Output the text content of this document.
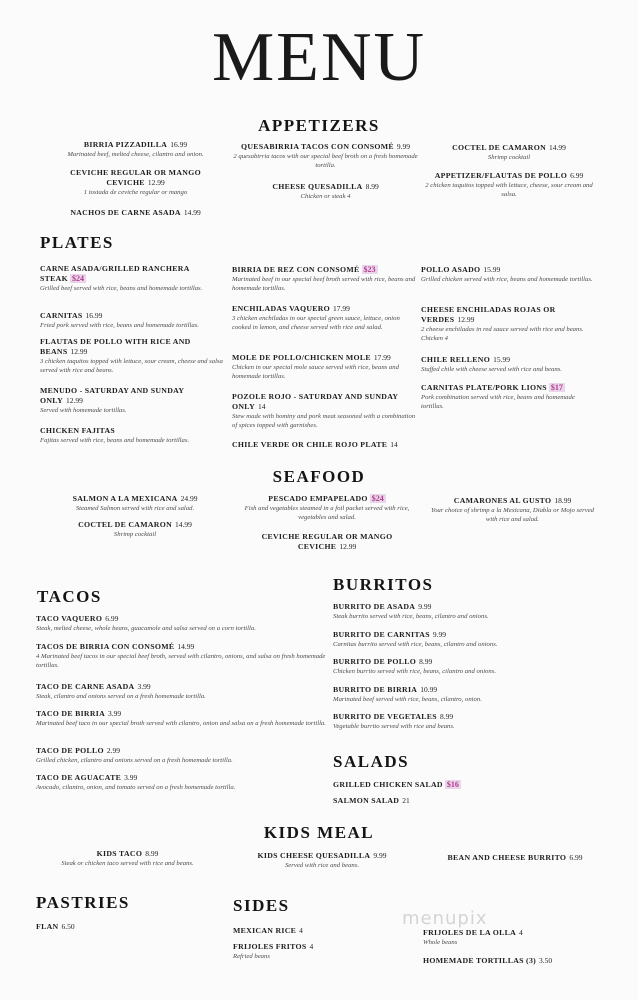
MENU
APPETIZERS
PLATES
SEAFOOD
TACOS
BURRITOS
SALADS
KIDS MEAL
PASTRIES	SIDES
menupix
BIRRIA PIZZADILLA 16.99
Marinated beef, melted cheese, cilantro and onion.
CEVICHE REGULAR OR MANGO CEVICHE 12.99
1 tostada de ceviche regular or mango
NACHOS DE CARNE ASADA 14.99
QUESABIRRIA TACOS CON CONSOMÉ 9.99
2 quesabirria tacos with our special beef broth on a fresh homemade tortilla.
CHEESE QUESADILLA 8.99
Chicken or steak 4
COCTEL DE CAMARON 14.99
Shrimp cocktail
APPETIZER/FLAUTAS DE POLLO 6.99
2 chicken taquitos topped with lettuce, cheese, sour cream and salsa.
CARNE ASADA/GRILLED RANCHERA STEAK $24
Grilled beef served with rice, beans and homemade tortillas.
CARNITAS 16.99
Fried pork served with rice, beans and homemade tortillas.
FLAUTAS DE POLLO WITH RICE AND BEANS 12.99
3 chicken taquitos topped with lettuce, sour cream, cheese and salsa served with rice and beans.
MENUDO - SATURDAY AND SUNDAY ONLY 12.99
Served with homemade tortillas.
CHICKEN FAJITAS
Fajitas served with rice, beans and homemade tortillas.
BIRRIA DE REZ CON CONSOMÉ $23
Marinated beef in our special beef broth served with rice, beans and homemade tortillas.
ENCHILADAS VAQUERO 17.99
3 chicken enchiladas in our special green sauce, lettuce, onion cooked in lemon, and cheese served with rice and salad.
MOLE DE POLLO/CHICKEN MOLE 17.99
Chicken in our special mole sauce served with rice, beans and homemade tortillas.
POZOLE ROJO - SATURDAY AND SUNDAY ONLY 14
Stew made with hominy and pork meat seasoned with a combination of spices topped with garnishes.
CHILE VERDE OR CHILE ROJO PLATE 14
POLLO ASADO 15.99
Grilled chicken served with rice, beans and homemade tortillas.
CHEESE ENCHILADAS ROJAS OR VERDES 12.99
2 cheese enchiladas in red sauce served with rice and beans. Chicken 4
CHILE RELLENO 15.99
Stuffed chile with cheese served with rice and beans.
CARNITAS PLATE/PORK LIONS $17
Pork combination served with rice, beans and homemade tortillas.
SALMON A LA MEXICANA 24.99
Steamed Salmon served with rice and salad.
COCTEL DE CAMARON 14.99
Shrimp cocktail
PESCADO EMPAPELADO $24
Fish and vegetables steamed in a foil packet served with rice, vegetables and salad.
CEVICHE REGULAR OR MANGO CEVICHE 12.99
CAMARONES AL GUSTO 18.99
Your choice of shrimp a la Mexicana, Diabla or Mojo served with rice and salad.
TACO VAQUERO 6.99
Steak, melted cheese, whole beans, guacamole and salsa served on a corn tortilla.
TACOS DE BIRRIA CON CONSOMÉ 14.99
4 Marinated beef tacos in our special beef broth, served with cilantro, onions, and salsa on fresh homemade tortillas.
TACO DE CARNE ASADA 3.99
Steak, cilantro and onions served on a fresh homemade tortilla.
TACO DE BIRRIA 3.99
Marinated beef taco in our special broth served with cilantro, onion and salsa on a fresh homemade tortilla.
TACO DE POLLO 2.99
Grilled chicken, cilantro and onions served on a fresh homemade tortilla.
TACO DE AGUACATE 3.99
Avocado, cilantro, onion, and tomato served on a fresh homemade tortilla.
BURRITO DE ASADA 9.99
Steak burrito served with rice, beans, cilantro and onions.
BURRITO DE CARNITAS 9.99
Carnitas burrito served with rice, beans, cilantro and onions.
BURRITO DE POLLO 8.99
Chicken burrito served with rice, beans, cilantro and onions.
BURRITO DE BIRRIA 10.99
Marinated beef served with rice, beans, cilantro, onion.
BURRITO DE VEGETALES 8.99
Vegetable burrito served with rice and beans.
GRILLED CHICKEN SALAD $16
SALMON SALAD 21
KIDS TACO 8.99
Steak or chicken taco served with rice and beans.
KIDS CHEESE QUESADILLA 9.99
Served with rice and beans.
BEAN AND CHEESE BURRITO 6.99
FLAN 6.50	MEXICAN RICE 4
FRIJOLES FRITOS 4
Refried beans
FRIJOLES DE LA OLLA 4
Whole beans
HOMEMADE TORTILLAS (3) 3.50
